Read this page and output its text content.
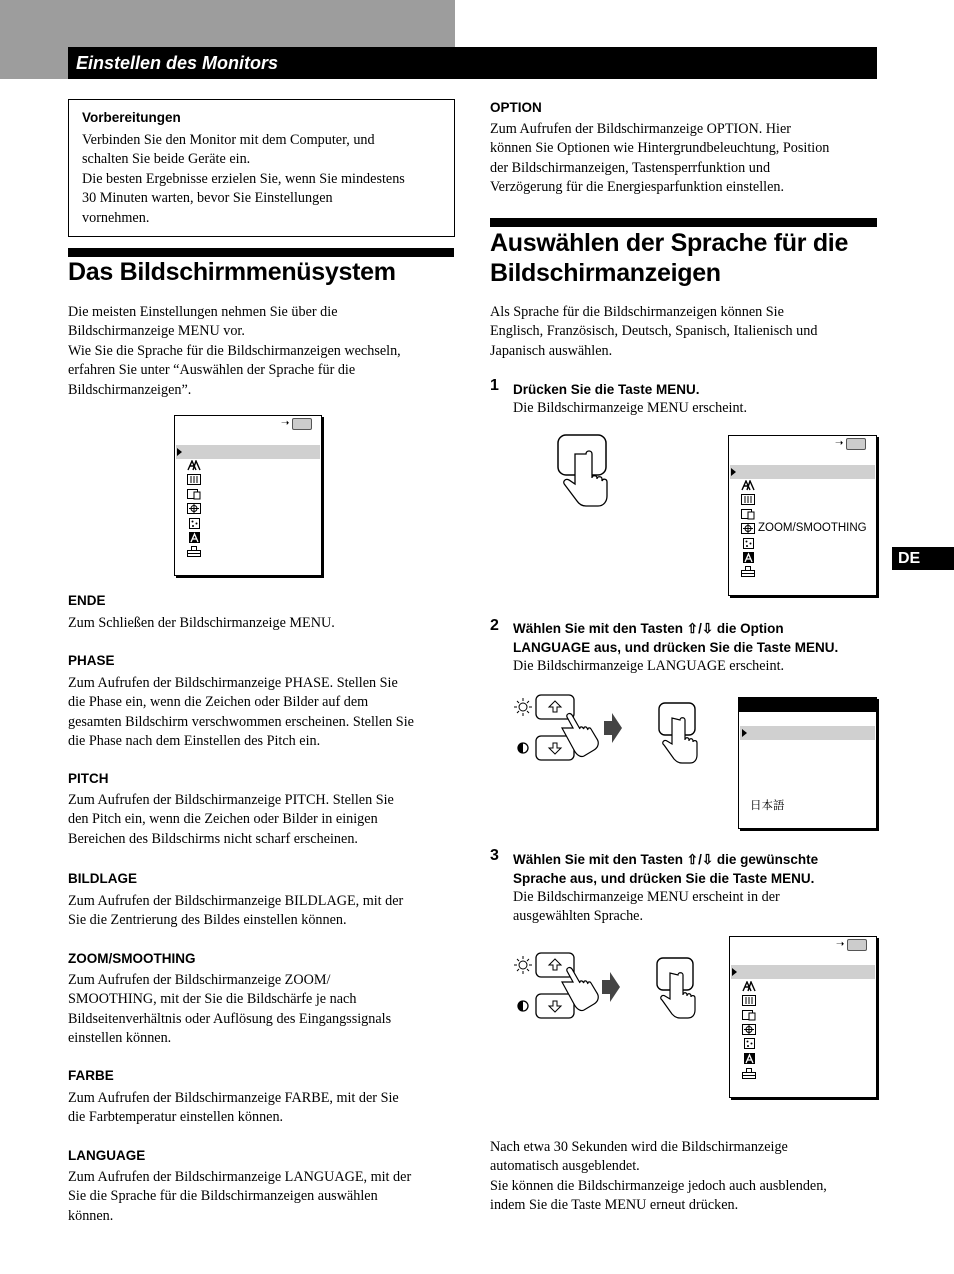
Einstellen des Monitors
DE
Vorbereitungen
Verbinden Sie den Monitor mit dem Computer, und
schalten Sie beide Geräte ein.
Die besten Ergebnisse erzielen Sie, wenn Sie mindestens
30 Minuten warten, bevor Sie Einstellungen
vornehmen.
Das Bildschirmmenüsystem
Die meisten Einstellungen nehmen Sie über die
Bildschirmanzeige MENU vor.
Wie Sie die Sprache für die Bildschirmanzeigen wechseln,
erfahren Sie unter “Auswählen der Sprache für die
Bildschirmanzeigen”.
➝
ENDE
Zum Schließen der Bildschirmanzeige MENU.
PHASE
Zum Aufrufen der Bildschirmanzeige PHASE. Stellen Sie
die Phase ein, wenn die Zeichen oder Bilder auf dem
gesamten Bildschirm verschwommen erscheinen. Stellen Sie
die Phase nach dem Einstellen des Pitch ein.
PITCH
Zum Aufrufen der Bildschirmanzeige PITCH. Stellen Sie
den Pitch ein, wenn die Zeichen oder Bilder in einigen
Bereichen des Bildschirms nicht scharf erscheinen.
BILDLAGE
Zum Aufrufen der Bildschirmanzeige BILDLAGE, mit der
Sie die Zentrierung des Bildes einstellen können.
ZOOM/SMOOTHING
Zum Aufrufen der Bildschirmanzeige ZOOM/
SMOOTHING, mit der Sie die Bildschärfe je nach
Bildseitenverhältnis oder Auflösung des Eingangssignals
einstellen können.
FARBE
Zum Aufrufen der Bildschirmanzeige FARBE, mit der Sie
die Farbtemperatur einstellen können.
LANGUAGE
Zum Aufrufen der Bildschirmanzeige LANGUAGE, mit der
Sie die Sprache für die Bildschirmanzeigen auswählen
können.
OPTION
Zum Aufrufen der Bildschirmanzeige OPTION. Hier
können Sie Optionen wie Hintergrundbeleuchtung, Position
der Bildschirmanzeigen, Tastensperrfunktion und
Verzögerung für die Energiesparfunktion einstellen.
Auswählen der Sprache für die
Bildschirmanzeigen
Als Sprache für die Bildschirmanzeigen können Sie
Englisch, Französisch, Deutsch, Spanisch, Italienisch und
Japanisch auswählen.
1 Drücken Sie die Taste MENU.
Die Bildschirmanzeige MENU erscheint.
➝
ZOOM/SMOOTHING
2 Wählen Sie mit den Tasten ⇧/⇩ die Option
LANGUAGE aus, und drücken Sie die Taste MENU.
Die Bildschirmanzeige LANGUAGE erscheint.
日本語
3 Wählen Sie mit den Tasten ⇧/⇩ die gewünschte
Sprache aus, und drücken Sie die Taste MENU.
Die Bildschirmanzeige MENU erscheint in der
ausgewählten Sprache.
➝
Nach etwa 30 Sekunden wird die Bildschirmanzeige
automatisch ausgeblendet.
Sie können die Bildschirmanzeige jedoch auch ausblenden,
indem Sie die Taste MENU erneut drücken.
